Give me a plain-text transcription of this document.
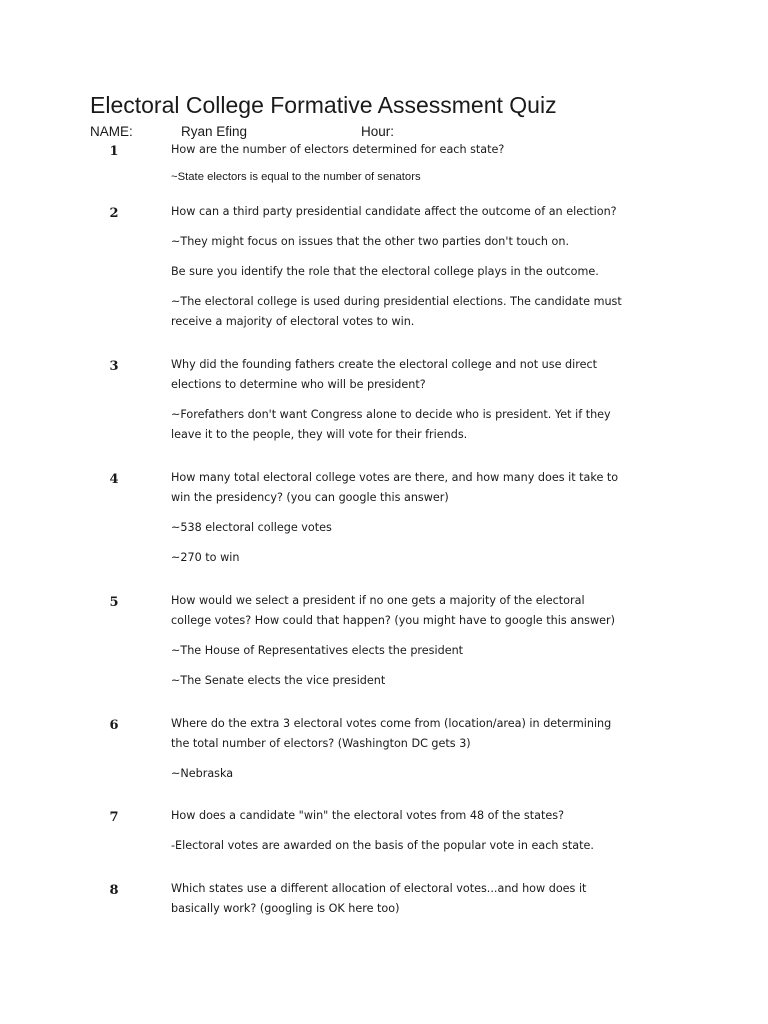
Electoral College Formative Assessment Quiz
NAME:	Ryan Efing	Hour:
1	How are the number of electors determined for each state?
~State electors is equal to the number of senators
2	How can a third party presidential candidate affect the outcome of an election?
~They might focus on issues that the other two parties don't touch on.
Be sure you identify the role that the electoral college plays in the outcome.
~The electoral college is used during presidential elections. The candidate must
receive a majority of electoral votes to win.
3	Why did the founding fathers create the electoral college and not use direct
elections to determine who will be president?
~Forefathers don't want Congress alone to decide who is president. Yet if they
leave it to the people, they will vote for their friends.
4	How many total electoral college votes are there, and how many does it take to
win the presidency? (you can google this answer)
~538 electoral college votes
~270 to win
5	How would we select a president if no one gets a majority of the electoral
college votes? How could that happen? (you might have to google this answer)
~The House of Representatives elects the president
~The Senate elects the vice president
6	Where do the extra 3 electoral votes come from (location/area) in determining
the total number of electors? (Washington DC gets 3)
~Nebraska
7	How does a candidate "win" the electoral votes from 48 of the states?
-Electoral votes are awarded on the basis of the popular vote in each state.
8	Which states use a different allocation of electoral votes...and how does it
basically work? (googling is OK here too)
